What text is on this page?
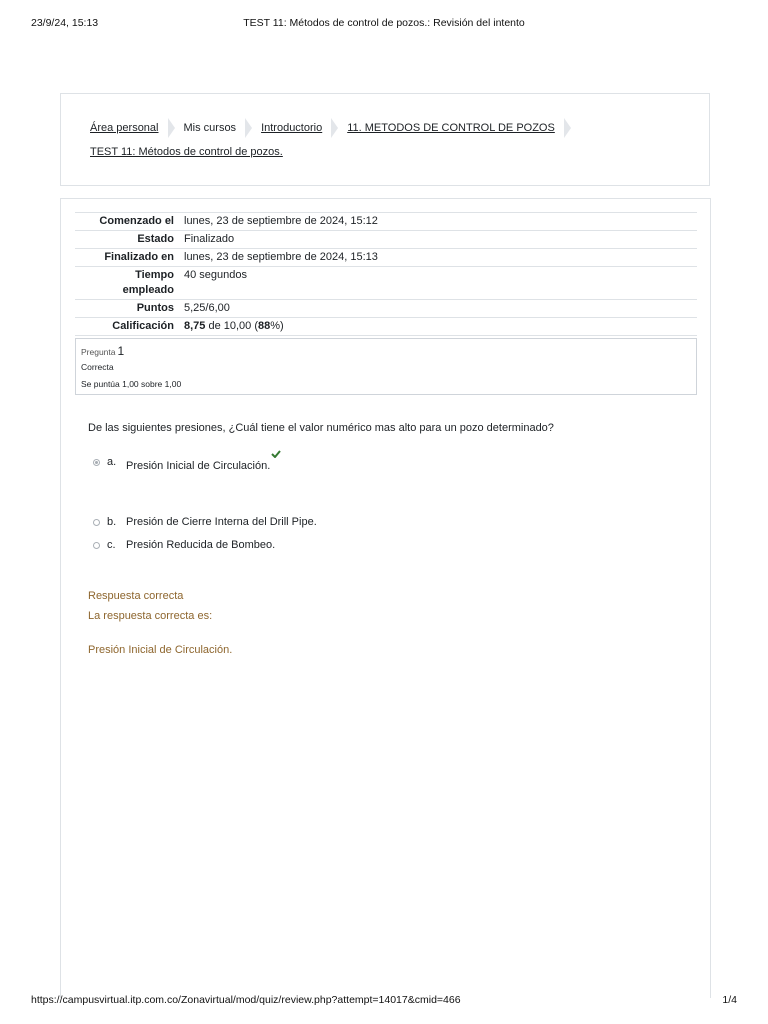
23/9/24, 15:13	TEST 11: Métodos de control de pozos.: Revisión del intento
Área personal Mis cursos Introductorio 11. METODOS DE CONTROL DE POZOS
TEST 11: Métodos de control de pozos.
Comenzado el	lunes, 23 de septiembre de 2024, 15:12
Estado	Finalizado
Finalizado en	lunes, 23 de septiembre de 2024, 15:13
Tiempo
empleado	40 segundos
Puntos	5,25/6,00
Calificación	8,75 de 10,00 (88%)
Pregunta 1
Correcta
Se puntúa 1,00 sobre 1,00
De las siguientes presiones, ¿Cuál tiene el valor numérico mas alto para un pozo determinado?
a. Presión Inicial de Circulación.
b. Presión de Cierre Interna del Drill Pipe.
c. Presión Reducida de Bombeo.
Respuesta correcta
La respuesta correcta es:
Presión Inicial de Circulación.
https://campusvirtual.itp.com.co/Zonavirtual/mod/quiz/review.php?attempt=14017&cmid=466	1/4
